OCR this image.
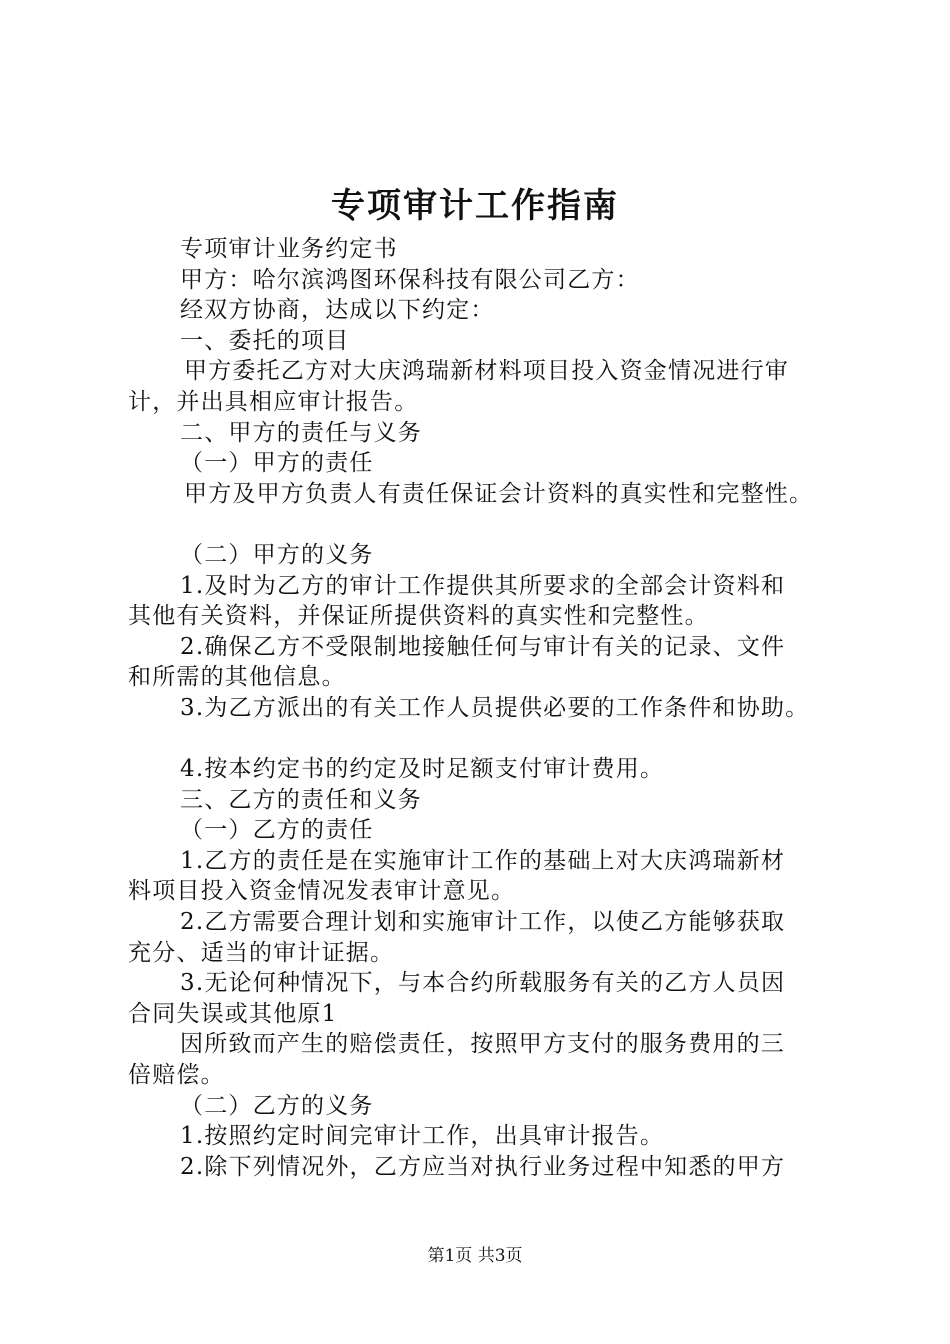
专项审计工作指南
专项审计业务约定书
甲方：哈尔滨鸿图环保科技有限公司乙方：
经双方协商，达成以下约定：
一、委托的项目
甲方委托乙方对大庆鸿瑞新材料项目投入资金情况进行审
计，并出具相应审计报告。
二、甲方的责任与义务
（一）甲方的责任
甲方及甲方负责人有责任保证会计资料的真实性和完整性。
（二）甲方的义务
1.及时为乙方的审计工作提供其所要求的全部会计资料和
其他有关资料，并保证所提供资料的真实性和完整性。
2.确保乙方不受限制地接触任何与审计有关的记录、文件
和所需的其他信息。
3.为乙方派出的有关工作人员提供必要的工作条件和协助。
4.按本约定书的约定及时足额支付审计费用。
三、乙方的责任和义务
（一）乙方的责任
1.乙方的责任是在实施审计工作的基础上对大庆鸿瑞新材
料项目投入资金情况发表审计意见。
2.乙方需要合理计划和实施审计工作，以使乙方能够获取
充分、适当的审计证据。
3.无论何种情况下，与本合约所载服务有关的乙方人员因
合同失误或其他原1
因所致而产生的赔偿责任，按照甲方支付的服务费用的三
倍赔偿。
（二）乙方的义务
1.按照约定时间完审计工作，出具审计报告。
2.除下列情况外，乙方应当对执行业务过程中知悉的甲方
第1页 共3页
